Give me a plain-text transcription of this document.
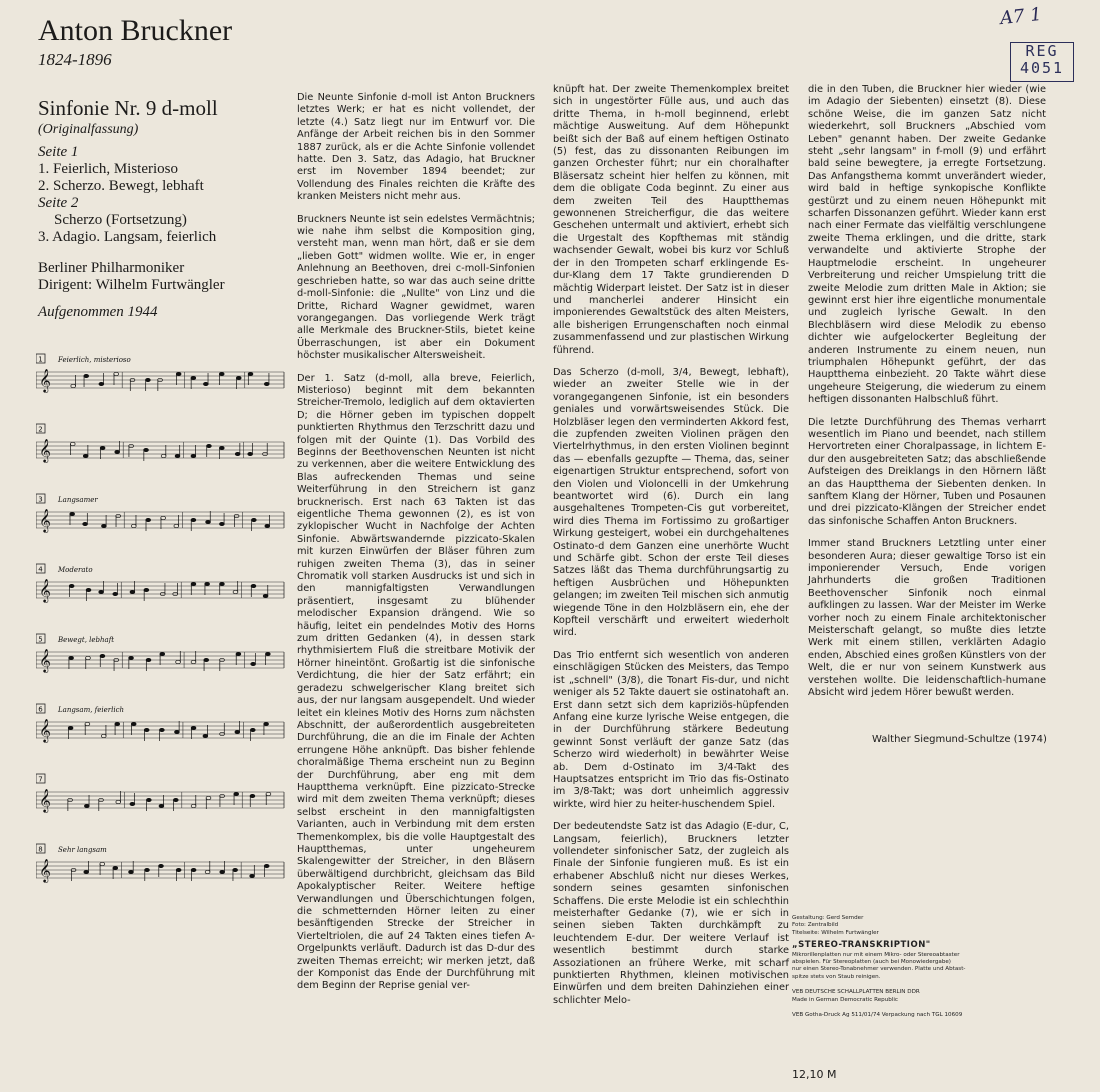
Anton Bruckner

1824-1896

Sinfonie Nr. 9 d-moll

(Originalfassung)

Seite 1

1. Feierlich, Misterioso

2. Scherzo. Bewegt, lebhaft

Seite 2

Scherzo (Fortsetzung)

3. Adagio. Langsam, feierlich

Berliner Philharmoniker
Dirigent: Wilhelm Furtwängler

Aufgenommen 1944

A7 1
REG
4051
1 Feierlich, misterioso
𝄞
2
𝄞
3 Langsamer
𝄞
4 Moderato
𝄞
5 Bewegt, lebhaft
𝄞
6 Langsam, feierlich
𝄞
7
𝄞
8 Sehr langsam
𝄞

Die Neunte Sinfonie d-moll ist Anton Bruckners letztes Werk; er hat es nicht vollendet, der letzte (4.) Satz liegt nur im Entwurf vor. Die Anfänge der Arbeit reichen bis in den Sommer 1887 zurück, als er die Achte Sinfonie vollendet hatte. Den 3. Satz, das Adagio, hat Bruckner erst im November 1894 beendet; zur Vollendung des Finales reichten die Kräfte des kranken Meisters nicht mehr aus.

Bruckners Neunte ist sein edelstes Vermächtnis; wie nahe ihm selbst die Komposition ging, versteht man, wenn man hört, daß er sie dem „lieben Gott" widmen wollte. Wie er, in enger Anlehnung an Beethoven, drei c-moll-Sinfonien geschrieben hatte, so war das auch seine dritte d-moll-Sinfonie: die „Nullte" von Linz und die Dritte, Richard Wagner gewidmet, waren vorangegangen. Das vorliegende Werk trägt alle Merkmale des Bruckner-Stils, bietet keine Überraschungen, ist aber ein Dokument höchster musikalischer Altersweisheit.

Der 1. Satz (d-moll, alla breve, Feierlich, Misterioso) beginnt mit dem bekannten Streicher-Tremolo, lediglich auf dem oktavierten D; die Hörner geben im typischen doppelt punktierten Rhythmus den Terzschritt dazu und folgen mit der Quinte (1). Das Vorbild des Beginns der Beethovenschen Neunten ist nicht zu verkennen, aber die weitere Entwicklung des Blas aufreckenden Themas und seine Weiterführung in den Streichern ist ganz brucknerisch. Erst nach 63 Takten ist das eigentliche Thema gewonnen (2), es ist von zyklopischer Wucht in Nachfolge der Achten Sinfonie. Abwärtswandernde pizzicato-Skalen mit kurzen Einwürfen der Bläser führen zum ruhigen zweiten Thema (3), das in seiner Chromatik voll starken Ausdrucks ist und sich in den mannigfaltigsten Verwandlungen präsentiert, insgesamt zu blühender melodischer Expansion drängend. Wie so häufig, leitet ein pendelndes Motiv des Horns zum dritten Gedanken (4), in dessen stark rhythmisiertem Fluß die streitbare Motivik der Hörner hineintönt. Großartig ist die sinfonische Verdichtung, die hier der Satz erfährt; ein geradezu schwelgerischer Klang breitet sich aus, der nur langsam ausgependelt. Und wieder leitet ein kleines Motiv des Horns zum nächsten Abschnitt, der außerordentlich ausgebreiteten Durchführung, die an die im Finale der Achten errungene Höhe anknüpft. Das bisher fehlende choralmäßige Thema erscheint nun zu Beginn der Durchführung, aber eng mit dem Hauptthema verknüpft. Eine pizzicato-Strecke wird mit dem zweiten Thema verknüpft; dieses selbst erscheint in den mannigfaltigsten Varianten, auch in Verbindung mit dem ersten Themenkomplex, bis die volle Hauptgestalt des Hauptthemas, unter ungeheurem Skalengewitter der Streicher, in den Bläsern überwältigend durchbricht, gleichsam das Bild Apokalyptischer Reiter. Weitere heftige Verwandlungen und Überschichtungen folgen, die schmetternden Hörner leiten zu einer besänftigenden Strecke der Streicher in Vierteltriolen, die auf 24 Takten eines tiefen A-Orgelpunkts verläuft. Dadurch ist das D-dur des zweiten Themas erreicht; wir merken jetzt, daß der Komponist das Ende der Durchführung mit dem Beginn der Reprise genial ver-

knüpft hat. Der zweite Themenkomplex breitet sich in ungestörter Fülle aus, und auch das dritte Thema, in h-moll beginnend, erlebt mächtige Ausweitung. Auf dem Höhepunkt beißt sich der Baß auf einem heftigen Ostinato (5) fest, das zu dissonanten Reibungen im ganzen Orchester führt; nur ein choralhafter Bläsersatz scheint hier helfen zu können, mit dem die obligate Coda beginnt. Zu einer aus dem zweiten Teil des Hauptthemas gewonnenen Streicherfigur, die das weitere Geschehen untermalt und aktiviert, erhebt sich die Urgestalt des Kopfthemas mit ständig wachsender Gewalt, wobei bis kurz vor Schluß der in den Trompeten scharf erklingende Es-dur-Klang dem 17 Takte grundierenden D mächtig Widerpart leistet. Der Satz ist in dieser und mancherlei anderer Hinsicht ein imponierendes Gewaltstück des alten Meisters, alle bisherigen Errungenschaften noch einmal zusammenfassend und zur plastischen Wirkung führend.

Das Scherzo (d-moll, 3/4, Bewegt, lebhaft), wieder an zweiter Stelle wie in der vorangegangenen Sinfonie, ist ein besonders geniales und vorwärtsweisendes Stück. Die Holzbläser legen den verminderten Akkord fest, die zupfenden zweiten Violinen prägen den Viertelrhythmus, in den ersten Violinen beginnt das — ebenfalls gezupfte — Thema, das, seiner eigenartigen Struktur entsprechend, sofort von den Violen und Violoncelli in der Umkehrung beantwortet wird (6). Durch ein lang ausgehaltenes Trompeten-Cis gut vorbereitet, wird dies Thema im Fortissimo zu großartiger Wirkung gesteigert, wobei ein durchgehaltenes Ostinato-d dem Ganzen eine unerhörte Wucht und Schärfe gibt. Schon der erste Teil dieses Satzes läßt das Thema durchführungsartig zu heftigen Ausbrüchen und Höhepunkten gelangen; im zweiten Teil mischen sich anmutig wiegende Töne in den Holzbläsern ein, ehe der Kopfteil verschärft und erweitert wiederholt wird.

Das Trio entfernt sich wesentlich von anderen einschlägigen Stücken des Meisters, das Tempo ist „schnell" (3/8), die Tonart Fis-dur, und nicht weniger als 52 Takte dauert sie ostinatohaft an. Erst dann setzt sich dem kapriziös-hüpfenden Anfang eine kurze lyrische Weise entgegen, die in der Durchführung stärkere Bedeutung gewinnt Sonst verläuft der ganze Satz (das Scherzo wird wiederholt) in bewährter Weise ab. Dem d-Ostinato im 3/4-Takt des Hauptsatzes entspricht im Trio das fis-Ostinato im 3/8-Takt; was dort unheimlich aggressiv wirkte, wird hier zu heiter-huschendem Spiel.

Der bedeutendste Satz ist das Adagio (E-dur, C, Langsam, feierlich), Bruckners letzter vollendeter sinfonischer Satz, der zugleich als Finale der Sinfonie fungieren muß. Es ist ein erhabener Abschluß nicht nur dieses Werkes, sondern seines gesamten sinfonischen Schaffens. Die erste Melodie ist ein schlechthin meisterhafter Gedanke (7), wie er sich in seinen sieben Takten durchkämpft zu leuchtendem E-dur. Der weitere Verlauf ist wesentlich bestimmt durch starke Assoziationen an frühere Werke, mit scharf punktierten Rhythmen, kleinen motivischen Einwürfen und dem breiten Dahinziehen einer schlichter Melo-

die in den Tuben, die Bruckner hier wieder (wie im Adagio der Siebenten) einsetzt (8). Diese schöne Weise, die im ganzen Satz nicht wiederkehrt, soll Bruckners „Abschied vom Leben" genannt haben. Der zweite Gedanke steht „sehr langsam" in f-moll (9) und erfährt bald seine bewegtere, ja erregte Fortsetzung. Das Anfangsthema kommt unverändert wieder, wird bald in heftige synkopische Konflikte gestürzt und zu einem neuen Höhepunkt mit scharfen Dissonanzen geführt. Wieder kann erst nach einer Fermate das vielfältig verschlungene zweite Thema erklingen, und die dritte, stark verwandelte und aktivierte Strophe der Hauptmelodie erscheint. In ungeheurer Verbreiterung und reicher Umspielung tritt die zweite Melodie zum dritten Male in Aktion; sie gewinnt erst hier ihre eigentliche monumentale und zugleich lyrische Gewalt. In den Blechbläsern wird diese Melodik zu ebenso dichter wie aufgelockerter Begleitung der anderen Instrumente zu einem neuen, nun triumphalen Höhepunkt geführt, der das Hauptthema einbezieht. 20 Takte währt diese ungeheure Steigerung, die wiederum zu einem heftigen dissonanten Halbschluß führt.

Die letzte Durchführung des Themas verharrt wesentlich im Piano und beendet, nach stillem Hervortreten einer Choralpassage, in lichtem E-dur den ausgebreiteten Satz; das abschließende Aufsteigen des Dreiklangs in den Hörnern läßt an das Hauptthema der Siebenten denken. In sanftem Klang der Hörner, Tuben und Posaunen und drei pizzicato-Klängen der Streicher endet das sinfonische Schaffen Anton Bruckners.

Immer stand Bruckners Letztling unter einer besonderen Aura; dieser gewaltige Torso ist ein imponierender Versuch, Ende vorigen Jahrhunderts die großen Traditionen Beethovenscher Sinfonik noch einmal aufklingen zu lassen. War der Meister im Werke vorher noch zu einem Finale architektonischer Meisterschaft gelangt, so mußte dies letzte Werk mit einem stillen, verklärten Adagio enden, Abschied eines großen Künstlers von der Welt, die er nur von seinem Kunstwerk aus verstehen wollte. Die leidenschaftlich-humane Absicht wird jedem Hörer bewußt werden.

Walther Siegmund-Schultze (1974)

Gestaltung: Gerd Semder

Foto: Zentralbild

Titelseite: Wilhelm Furtwängler

„STEREO-TRANSKRIPTION"

Mikrorillenplatten nur mit einem Mikro- oder Stereoabtaster

abspielen. Für Stereoplatten (auch bei Monowiedergabe)

nur einen Stereo-Tonabnehmer verwenden. Platte und Abtast-

spitze stets von Staub reinigen.

VEB DEUTSCHE SCHALLPLATTEN BERLIN DDR

Made in German Democratic Republic

VEB Gotha-Druck Ag 511/01/74 Verpackung nach TGL 10609

12,10 M
